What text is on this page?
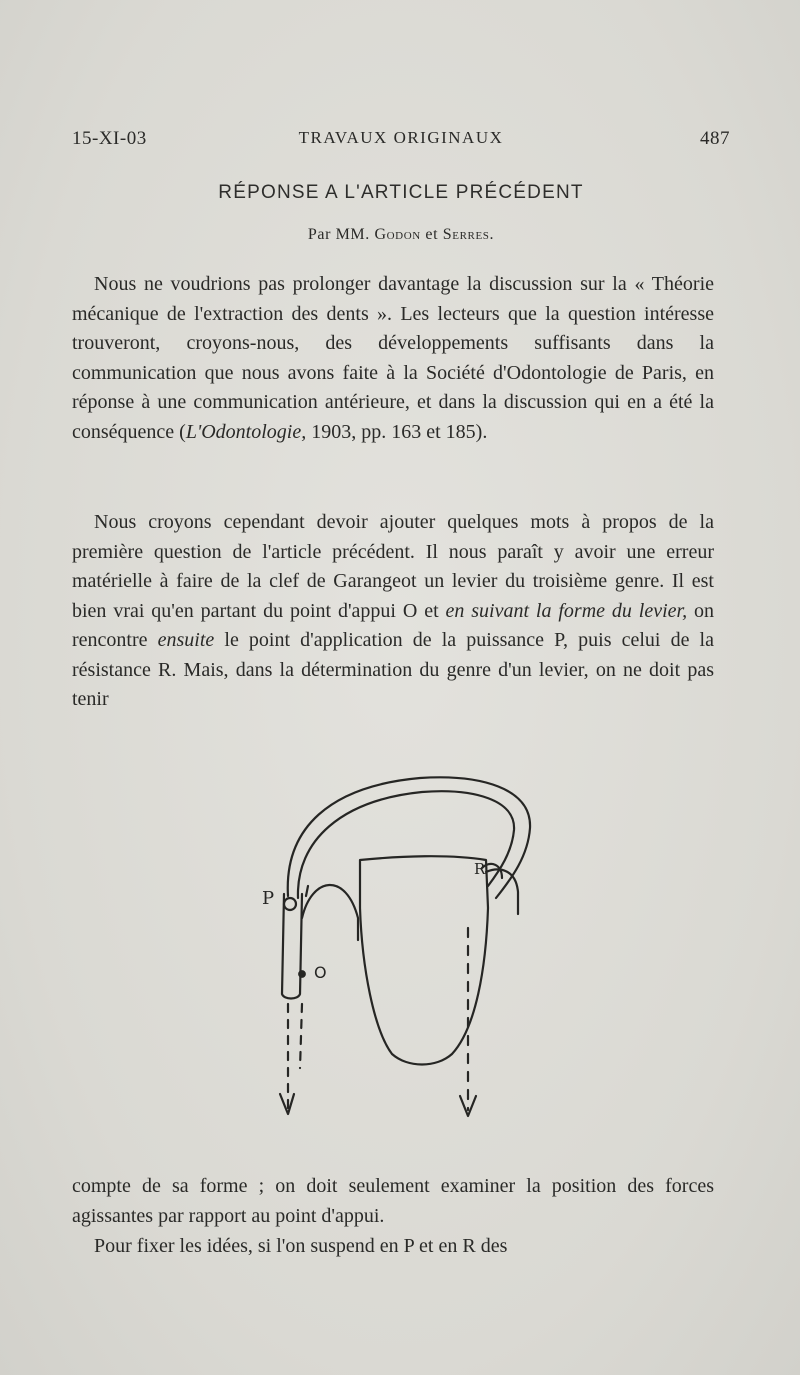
15-XI-03	TRAVAUX ORIGINAUX	487
RÉPONSE A L'ARTICLE PRÉCÉDENT
Par MM. Godon et Serres.

Nous ne voudrions pas prolonger davantage la discussion sur la « Théorie mécanique de l'extraction des dents ». Les lecteurs que la question intéresse trouveront, croyons-nous, des développements suffisants dans la communication que nous avons faite à la Société d'Odontologie de Paris, en réponse à une communication antérieure, et dans la discussion qui en a été la conséquence (L'Odontologie, 1903, pp. 163 et 185).

Nous croyons cependant devoir ajouter quelques mots à propos de la première question de l'article précédent. Il nous paraît y avoir une erreur matérielle à faire de la clef de Garangeot un levier du troisième genre. Il est bien vrai qu'en partant du point d'appui O et en suivant la forme du levier, on rencontre ensuite le point d'application de la puissance P, puis celui de la résistance R. Mais, dans la détermination du genre d'un levier, on ne doit pas tenir

P
O
R

compte de sa forme ; on doit seulement examiner la position des forces agissantes par rapport au point d'appui.

Pour fixer les idées, si l'on suspend en P et en R des
